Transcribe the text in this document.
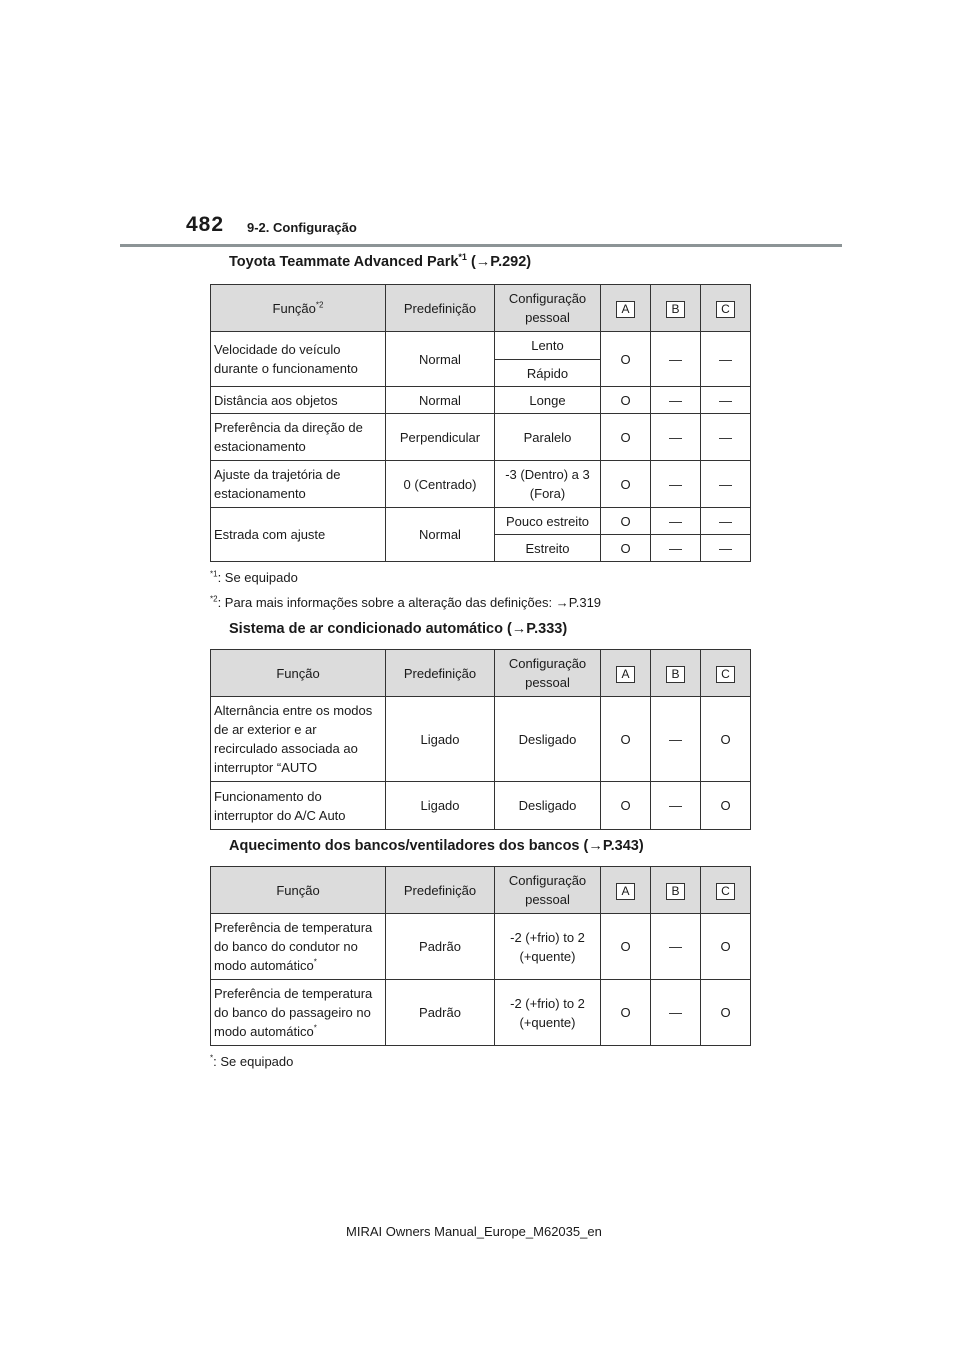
482 9-2. Configuração
Toyota Teammate Advanced Park$^{*1}$ (→P.292)
Função$^{*2}$	Predefinição	Configuração
pessoal	A	B	C
Velocidade do veículo
durante o funcionamento	Normal	Lento	O	—	—
		Rápido			
Distância aos objetos	Normal	Longe	O	—	—
Preferência da direção de
estacionamento	Perpendicular	Paralelo	O	—	—
Ajuste da trajetória de
estacionamento	0 (Centrado)	-3 (Dentro) a 3
(Fora)	O	—	—
Estrada com ajuste	Normal	Pouco estreito	O	—	—
		Estreito	O	—	—
$^{*1}$: Se equipado
$^{*2}$: Para mais informações sobre a alteração das definições: →P.319
Sistema de ar condicionado automático (→P.333)
Função	Predefinição	Configuração
pessoal	A	B	C
Alternância entre os modos
de ar exterior e ar
recirculado associada ao
interruptor “AUTO	Ligado	Desligado	O	—	O
Funcionamento do
interruptor do A/C Auto	Ligado	Desligado	O	—	O
Aquecimento dos bancos/ventiladores dos bancos (→P.343)
Função	Predefinição	Configuração
pessoal	A	B	C
Preferência de temperatura
do banco do condutor no
modo automático*	Padrão	-2 (+frio) to 2
(+quente)	O	—	O
Preferência de temperatura
do banco do passageiro no
modo automático*	Padrão	-2 (+frio) to 2
(+quente)	O	—	O
*: Se equipado
MIRAI Owners Manual_Europe_M62035_en
